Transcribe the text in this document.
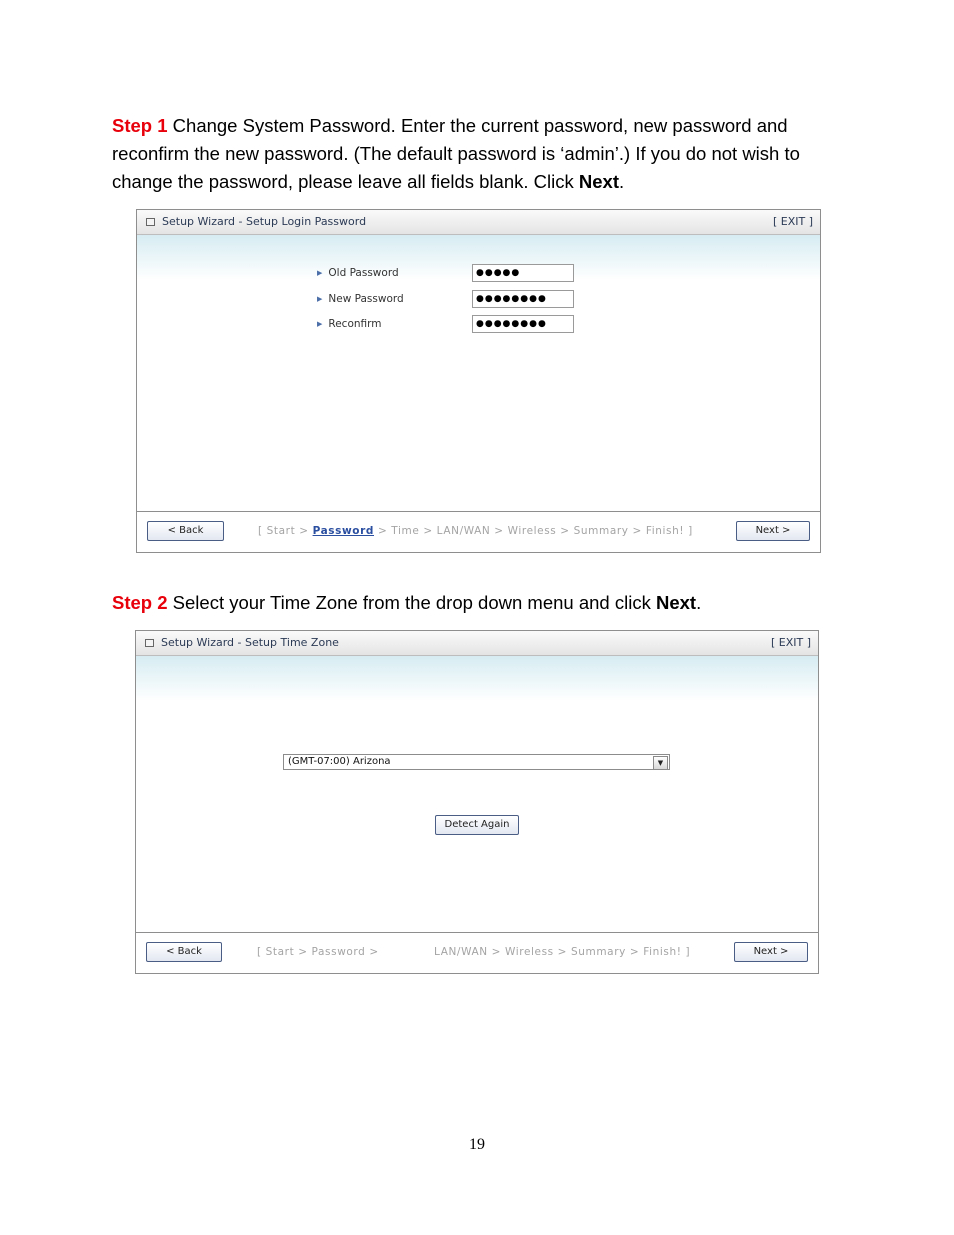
Step 1 Change System Password. Enter the current password, new password and reconfirm the new password. (The default password is ‘admin’.) If you do not wish to change the password, please leave all fields blank. Click Next.
Setup Wizard - Setup Login Password	[ EXIT ]
▶ Old Password
●●●●●
▶ New Password
●●●●●●●●
▶ Reconfirm
●●●●●●●●
< Back	[ Start > Password > Time > LAN/WAN > Wireless > Summary > Finish! ]	Next >
Step 2 Select your Time Zone from the drop down menu and click Next.
Setup Wizard - Setup Time Zone	[ EXIT ]
(GMT-07:00) Arizona	▼
Detect Again
< Back	[ Start > Password >	LAN/WAN > Wireless > Summary > Finish! ]	Next >
19
